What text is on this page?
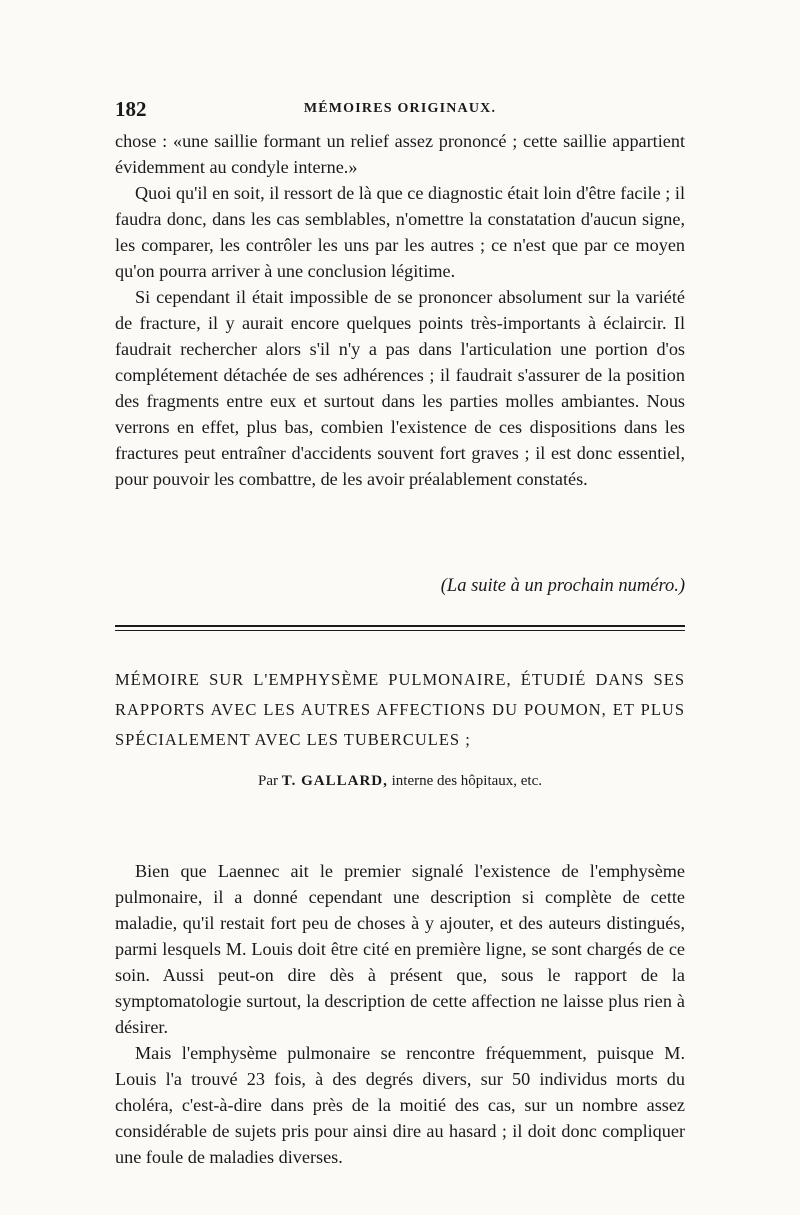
182	MÉMOIRES ORIGINAUX.

chose : «une saillie formant un relief assez prononcé ; cette saillie appartient évidemment au condyle interne.»

Quoi qu'il en soit, il ressort de là que ce diagnostic était loin d'être facile ; il faudra donc, dans les cas semblables, n'omettre la constatation d'aucun signe, les comparer, les contrôler les uns par les autres ; ce n'est que par ce moyen qu'on pourra arriver à une conclusion légitime.

Si cependant il était impossible de se prononcer absolument sur la variété de fracture, il y aurait encore quelques points très-importants à éclaircir. Il faudrait rechercher alors s'il n'y a pas dans l'articulation une portion d'os complétement détachée de ses adhérences ; il faudrait s'assurer de la position des fragments entre eux et surtout dans les parties molles ambiantes. Nous verrons en effet, plus bas, combien l'existence de ces dispositions dans les fractures peut entraîner d'accidents souvent fort graves ; il est donc essentiel, pour pouvoir les combattre, de les avoir préalablement constatés.

(La suite à un prochain numéro.)
MÉMOIRE SUR L'EMPHYSÈME PULMONAIRE, ÉTUDIÉ DANS SES RAPPORTS AVEC LES AUTRES AFFECTIONS DU POUMON, ET PLUS SPÉCIALEMENT AVEC LES TUBERCULES ;
Par T. GALLARD, interne des hôpitaux, etc.

Bien que Laennec ait le premier signalé l'existence de l'emphysème pulmonaire, il a donné cependant une description si complète de cette maladie, qu'il restait fort peu de choses à y ajouter, et des auteurs distingués, parmi lesquels M. Louis doit être cité en première ligne, se sont chargés de ce soin. Aussi peut-on dire dès à présent que, sous le rapport de la symptomatologie surtout, la description de cette affection ne laisse plus rien à désirer.

Mais l'emphysème pulmonaire se rencontre fréquemment, puisque M. Louis l'a trouvé 23 fois, à des degrés divers, sur 50 individus morts du choléra, c'est-à-dire dans près de la moitié des cas, sur un nombre assez considérable de sujets pris pour ainsi dire au hasard ; il doit donc compliquer une foule de maladies diverses.
